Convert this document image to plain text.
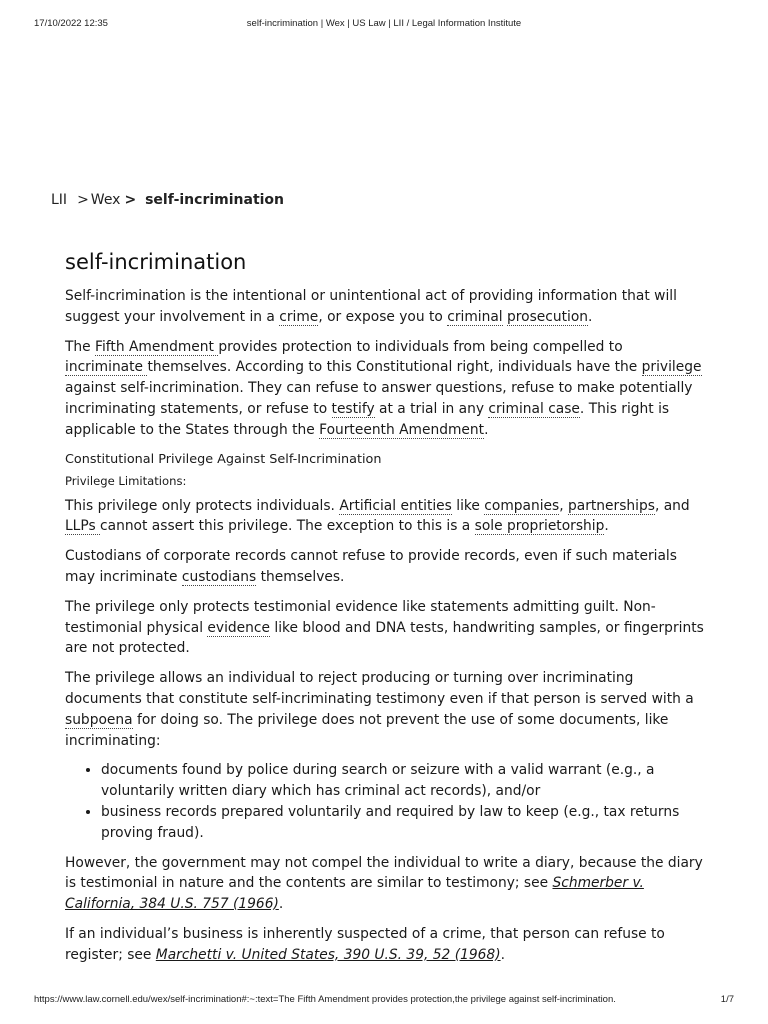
17/10/2022 12:35	self-incrimination | Wex | US Law | LII / Legal Information Institute
LII > Wex > self-incrimination
self-incrimination

Self-incrimination is the intentional or unintentional act of providing information that will suggest your involvement in a crime, or expose you to criminal prosecution.

The Fifth Amendment provides protection to individuals from being compelled to incriminate themselves. According to this Constitutional right, individuals have the privilege against self-incrimination. They can refuse to answer questions, refuse to make potentially incriminating statements, or refuse to testify at a trial in any criminal case. This right is applicable to the States through the Fourteenth Amendment.

Constitutional Privilege Against Self-Incrimination

Privilege Limitations:

This privilege only protects individuals. Artificial entities like companies, partnerships, and LLPs cannot assert this privilege. The exception to this is a sole proprietorship.

Custodians of corporate records cannot refuse to provide records, even if such materials may incriminate custodians themselves.

The privilege only protects testimonial evidence like statements admitting guilt. Non-testimonial physical evidence like blood and DNA tests, handwriting samples, or fingerprints are not protected.

The privilege allows an individual to reject producing or turning over incriminating documents that constitute self-incriminating testimony even if that person is served with a subpoena for doing so. The privilege does not prevent the use of some documents, like incriminating:

• documents found by police during search or seizure with a valid warrant (e.g., a voluntarily written diary which has criminal act records), and/or
• business records prepared voluntarily and required by law to keep (e.g., tax returns proving fraud).

However, the government may not compel the individual to write a diary, because the diary is testimonial in nature and the contents are similar to testimony; see Schmerber v. California, 384 U.S. 757 (1966).

If an individual’s business is inherently suspected of a crime, that person can refuse to register; see Marchetti v. United States, 390 U.S. 39, 52 (1968).

https://www.law.cornell.edu/wex/self-incrimination#:~:text=The Fifth Amendment provides protection,the privilege against self-incrimination.	1/7
